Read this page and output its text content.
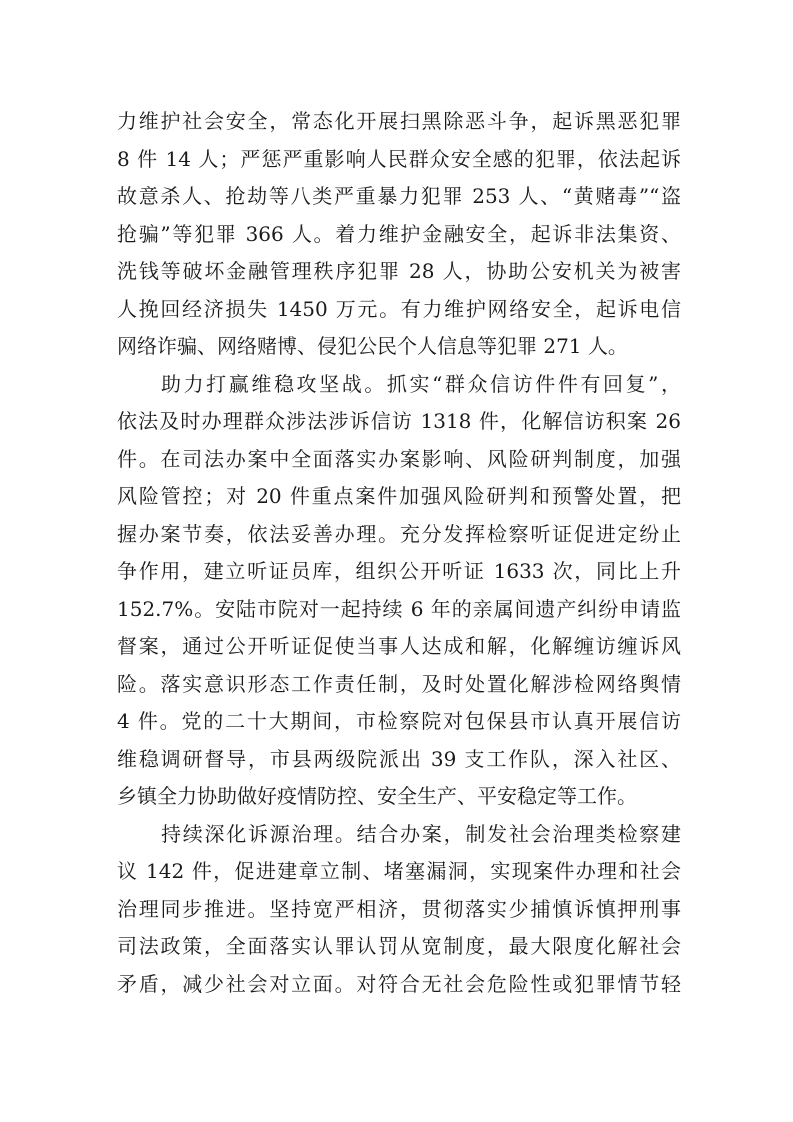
力维护社会安全，常态化开展扫黑除恶斗争，起诉黑恶犯罪
8 件 14 人；严惩严重影响人民群众安全感的犯罪，依法起诉
故意杀人、抢劫等八类严重暴力犯罪 253 人、“黄赌毒”“盗
抢骗”等犯罪 366 人。着力维护金融安全，起诉非法集资、
洗钱等破坏金融管理秩序犯罪 28 人，协助公安机关为被害
人挽回经济损失 1450 万元。有力维护网络安全，起诉电信
网络诈骗、网络赌博、侵犯公民个人信息等犯罪 271 人。
助力打赢维稳攻坚战。抓实“群众信访件件有回复”，
依法及时办理群众涉法涉诉信访 1318 件，化解信访积案 26
件。在司法办案中全面落实办案影响、风险研判制度，加强
风险管控；对 20 件重点案件加强风险研判和预警处置，把
握办案节奏，依法妥善办理。充分发挥检察听证促进定纷止
争作用，建立听证员库，组织公开听证 1633 次，同比上升
152.7%。安陆市院对一起持续 6 年的亲属间遗产纠纷申请监
督案，通过公开听证促使当事人达成和解，化解缠访缠诉风
险。落实意识形态工作责任制，及时处置化解涉检网络舆情
4 件。党的二十大期间，市检察院对包保县市认真开展信访
维稳调研督导，市县两级院派出 39 支工作队，深入社区、
乡镇全力协助做好疫情防控、安全生产、平安稳定等工作。
持续深化诉源治理。结合办案，制发社会治理类检察建
议 142 件，促进建章立制、堵塞漏洞，实现案件办理和社会
治理同步推进。坚持宽严相济，贯彻落实少捕慎诉慎押刑事
司法政策，全面落实认罪认罚从宽制度，最大限度化解社会
矛盾，减少社会对立面。对符合无社会危险性或犯罪情节轻
